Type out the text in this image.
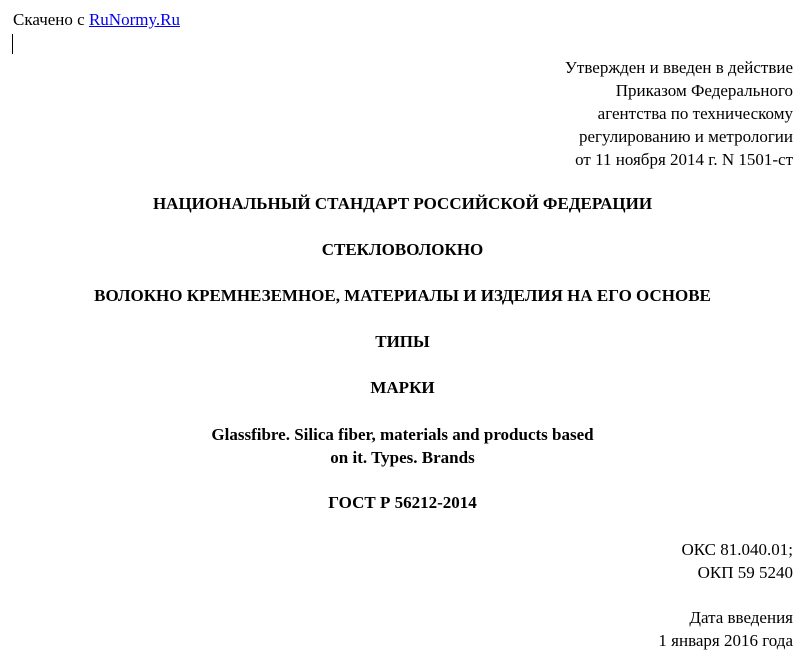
Скачено с RuNormy.Ru
Утвержден и введен в действие
Приказом Федерального
агентства по техническому
регулированию и метрологии
от 11 ноября 2014 г. N 1501-ст
НАЦИОНАЛЬНЫЙ СТАНДАРТ РОССИЙСКОЙ ФЕДЕРАЦИИ
СТЕКЛОВОЛОКНО
ВОЛОКНО КРЕМНЕЗЕМНОЕ, МАТЕРИАЛЫ И ИЗДЕЛИЯ НА ЕГО ОСНОВЕ
ТИПЫ
МАРКИ
Glassfibre. Silica fiber, materials and products based
on it. Types. Brands
ГОСТ Р 56212-2014
ОКС 81.040.01;
ОКП 59 5240
Дата введения
1 января 2016 года
